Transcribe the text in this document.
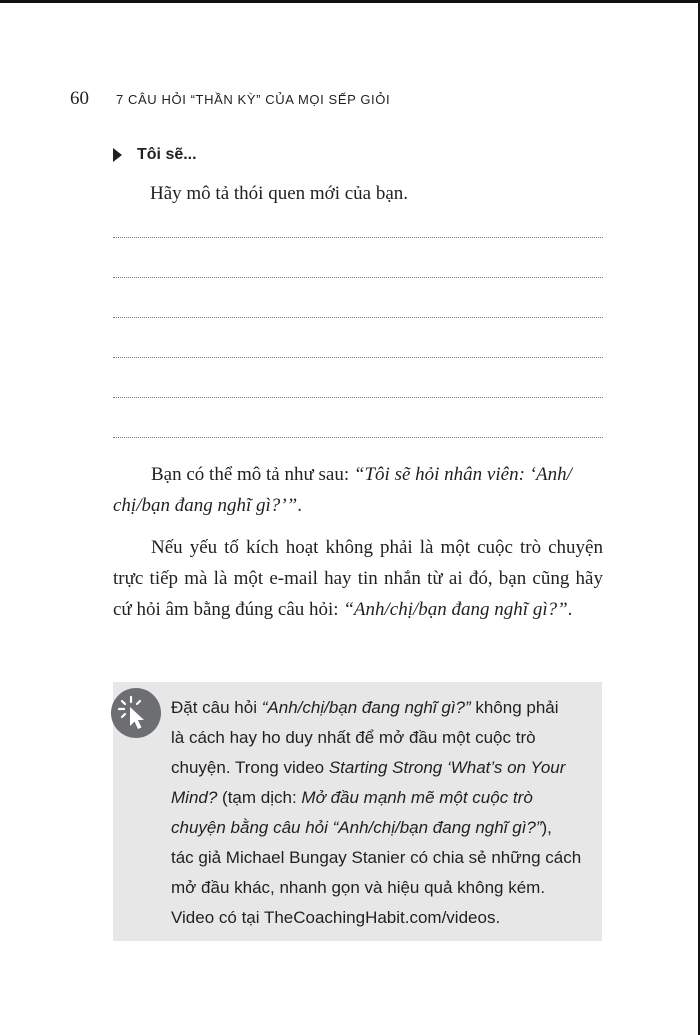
60	7 CÂU HỎI “THẦN KỲ” CỦA MỌI SẾP GIỎI
Tôi sẽ...
Hãy mô tả thói quen mới của bạn.
Bạn có thể mô tả như sau: “Tôi sẽ hỏi nhân viên: ‘Anh/
chị/bạn đang nghĩ gì?’”.
Nếu yếu tố kích hoạt không phải là một cuộc trò chuyện trực tiếp mà là một e-mail hay tin nhắn từ ai đó, bạn cũng hãy cứ hỏi âm bằng đúng câu hỏi: “Anh/chị/bạn đang nghĩ gì?”.
Đặt câu hỏi “Anh/chị/bạn đang nghĩ gì?” không phải
là cách hay ho duy nhất để mở đầu một cuộc trò
chuyện. Trong video Starting Strong ‘What’s on Your
Mind? (tạm dịch: Mở đầu mạnh mẽ một cuộc trò
chuyện bằng câu hỏi “Anh/chị/bạn đang nghĩ gì?”),
tác giả Michael Bungay Stanier có chia sẻ những cách
mở đầu khác, nhanh gọn và hiệu quả không kém.
Video có tại TheCoachingHabit.com/videos.
